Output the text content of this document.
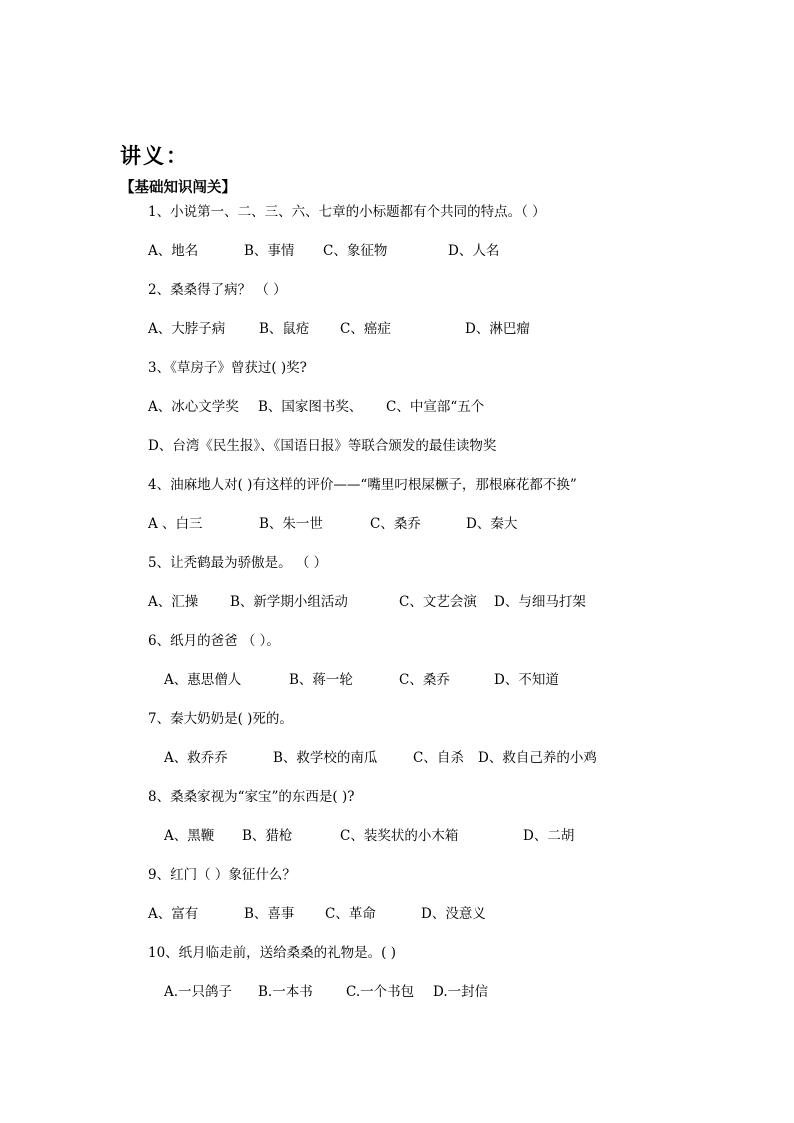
讲义：
【基础知识闯关】
1、小说第一、二、三、六、七章的小标题都有个共同的特点。（ ）
A、地名	B、事情 C、象征物	D、人名
2、桑桑得了病？ （ ）
A、大脖子病	B、鼠疮 C、癌症	D、淋巴瘤
3、《草房子》曾获过( )奖?
A、冰心文学奖 B、国家图书奖、 C、中宣部“五个
D、台湾《民生报》、《国语日报》等联合颁发的最佳读物奖
4、油麻地人对( )有这样的评价——“嘴里叼根屎橛子，那根麻花都不换”
A 、白三	B、朱一世	C、桑乔	D、秦大
5、让秃鹤最为骄傲是。 （ ）
A、汇操 B、新学期小组活动	C、文艺会演 D、与细马打架
6、纸月的爸爸 （ ）。
A、惠思僧人	B、蒋一轮	C、桑乔	D、不知道
7、秦大奶奶是( )死的。
A、救乔乔	B、救学校的南瓜	C、自杀 D、救自己养的小鸡
8、桑桑家视为“家宝”的东西是( )?
A、黑鞭 B、猎枪	C、装奖状的小木箱	D、二胡
9、红门（ ）象征什么？
A、富有	B、喜事 C、革命	D、没意义
10、纸月临走前，送给桑桑的礼物是。( )
A.一只鸽子 B.一本书 C.一个书包 D.一封信
